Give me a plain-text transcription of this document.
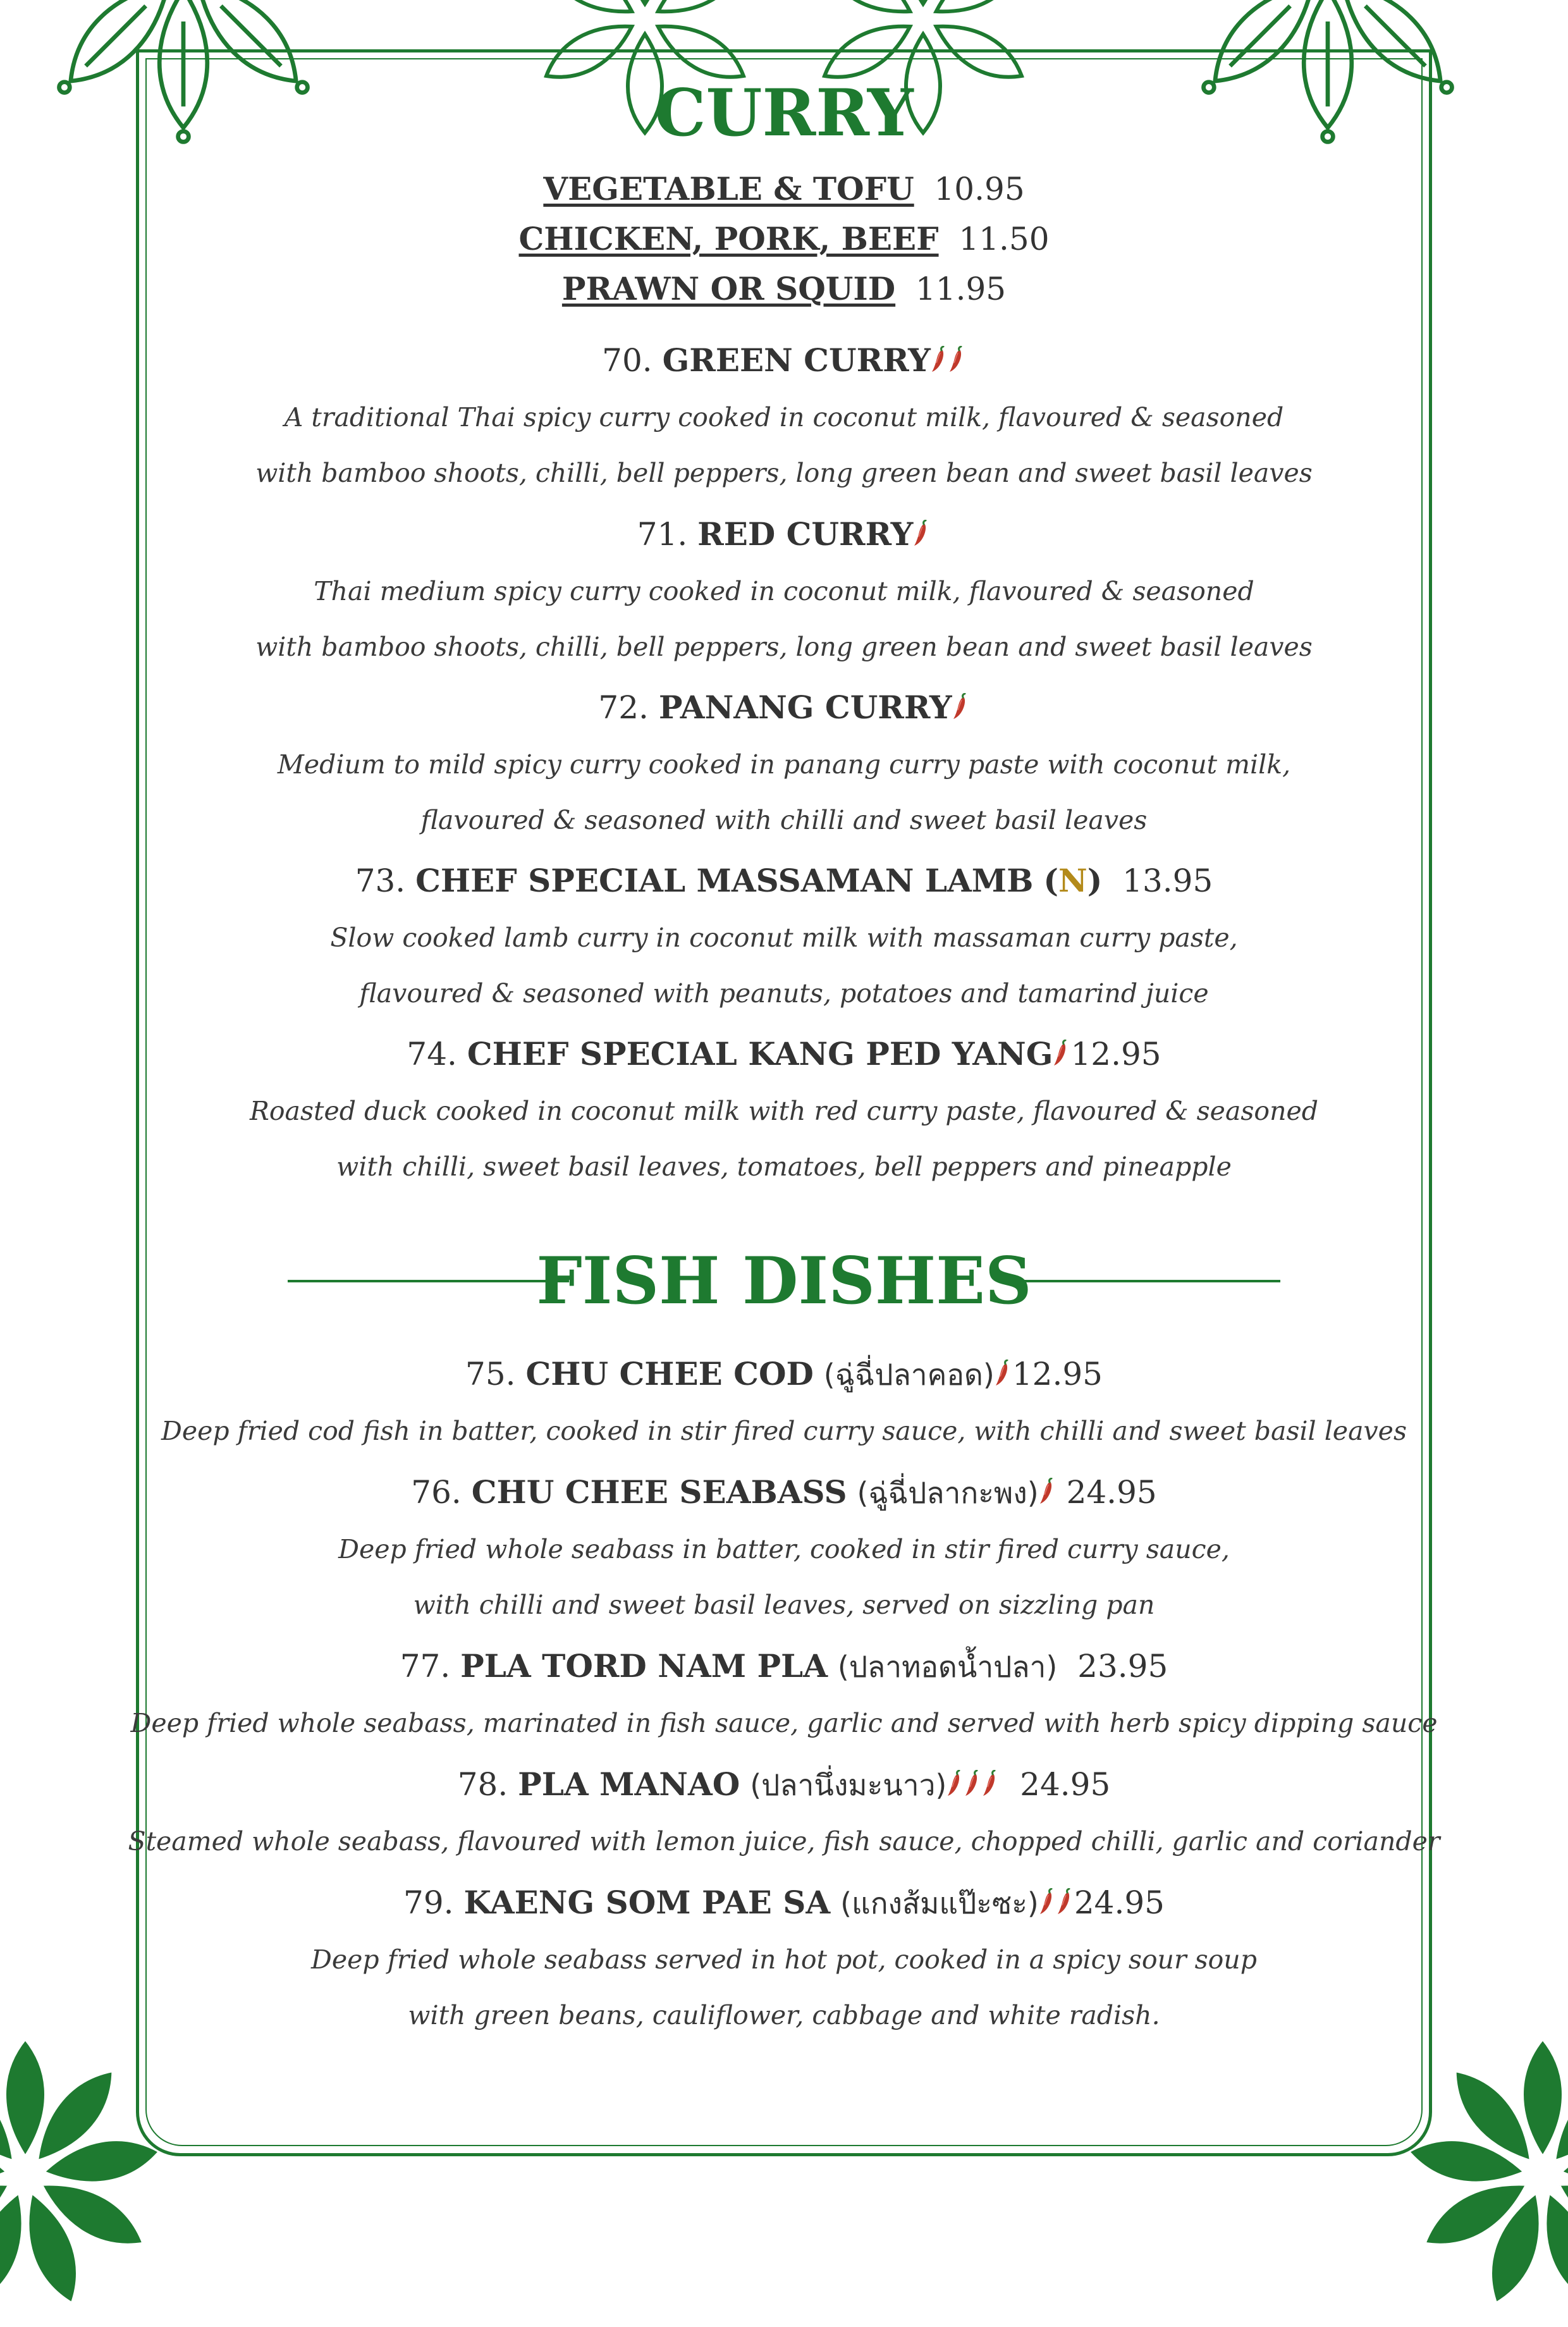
CURRY
VEGETABLE & TOFU 10.95
CHICKEN, PORK, BEEF 11.50
PRAWN OR SQUID 11.95
70. GREEN CURRY
A traditional Thai spicy curry cooked in coconut milk, flavoured & seasoned
with bamboo shoots, chilli, bell peppers, long green bean and sweet basil leaves
71. RED CURRY
Thai medium spicy curry cooked in coconut milk, flavoured & seasoned
with bamboo shoots, chilli, bell peppers, long green bean and sweet basil leaves
72. PANANG CURRY
Medium to mild spicy curry cooked in panang curry paste with coconut milk,
flavoured & seasoned with chilli and sweet basil leaves
73. CHEF SPECIAL MASSAMAN LAMB (N) 13.95
Slow cooked lamb curry in coconut milk with massaman curry paste,
flavoured & seasoned with peanuts, potatoes and tamarind juice
74. CHEF SPECIAL KANG PED YANG 12.95
Roasted duck cooked in coconut milk with red curry paste, flavoured & seasoned
with chilli, sweet basil leaves, tomatoes, bell peppers and pineapple
FISH DISHES
75. CHU CHEE COD (ฉู่ฉี่ปลาคอด) 12.95
Deep fried cod fish in batter, cooked in stir fired curry sauce, with chilli and sweet basil leaves
76. CHU CHEE SEABASS (ฉู่ฉี่ปลากะพง) 24.95
Deep fried whole seabass in batter, cooked in stir fired curry sauce,
with chilli and sweet basil leaves, served on sizzling pan
77. PLA TORD NAM PLA (ปลาทอดน้ำปลา) 23.95
Deep fried whole seabass, marinated in fish sauce, garlic and served with herb spicy dipping sauce
78. PLA MANAO (ปลานึ่งมะนาว) 24.95
Steamed whole seabass, flavoured with lemon juice, fish sauce, chopped chilli, garlic and coriander
79. KAENG SOM PAE SA (แกงส้มแป๊ะซะ) 24.95
Deep fried whole seabass served in hot pot, cooked in a spicy sour soup
with green beans, cauliflower, cabbage and white radish.
